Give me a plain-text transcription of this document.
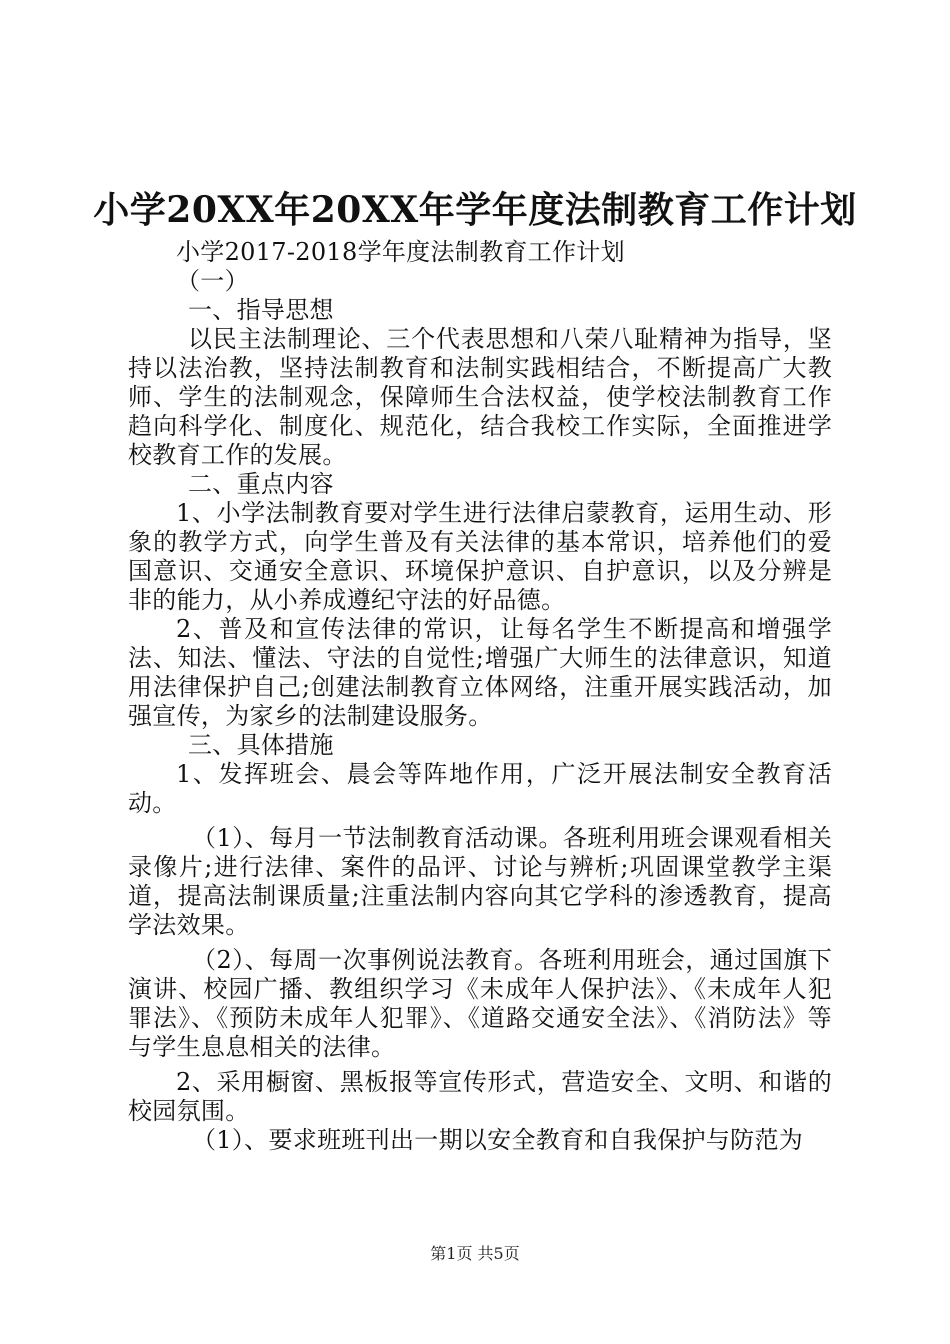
小学20XX年20XX年学年度法制教育工作计划

小学2017-2018学年度法制教育工作计划

（一）

一、指导思想

以民主法制理论、三个代表思想和八荣八耻精神为指导，坚持以法治教，坚持法制教育和法制实践相结合，不断提高广大教师、学生的法制观念，保障师生合法权益，使学校法制教育工作趋向科学化、制度化、规范化，结合我校工作实际，全面推进学校教育工作的发展。

二、重点内容

1、小学法制教育要对学生进行法律启蒙教育，运用生动、形象的教学方式，向学生普及有关法律的基本常识，培养他们的爱国意识、交通安全意识、环境保护意识、自护意识，以及分辨是非的能力，从小养成遵纪守法的好品德。

2、普及和宣传法律的常识，让每名学生不断提高和增强学法、知法、懂法、守法的自觉性;增强广大师生的法律意识，知道用法律保护自己;创建法制教育立体网络，注重开展实践活动，加强宣传，为家乡的法制建设服务。

三、具体措施

1、发挥班会、晨会等阵地作用，广泛开展法制安全教育活动。

（1）、每月一节法制教育活动课。各班利用班会课观看相关录像片;进行法律、案件的品评、讨论与辨析;巩固课堂教学主渠道，提高法制课质量;注重法制内容向其它学科的渗透教育，提高学法效果。

（2）、每周一次事例说法教育。各班利用班会，通过国旗下演讲、校园广播、教组织学习《未成年人保护法》、《未成年人犯罪法》、《预防未成年人犯罪》、《道路交通安全法》、《消防法》等与学生息息相关的法律。

2、采用橱窗、黑板报等宣传形式，营造安全、文明、和谐的校园氛围。

（1）、要求班班刊出一期以安全教育和自我保护与防范为

第1页 共5页
